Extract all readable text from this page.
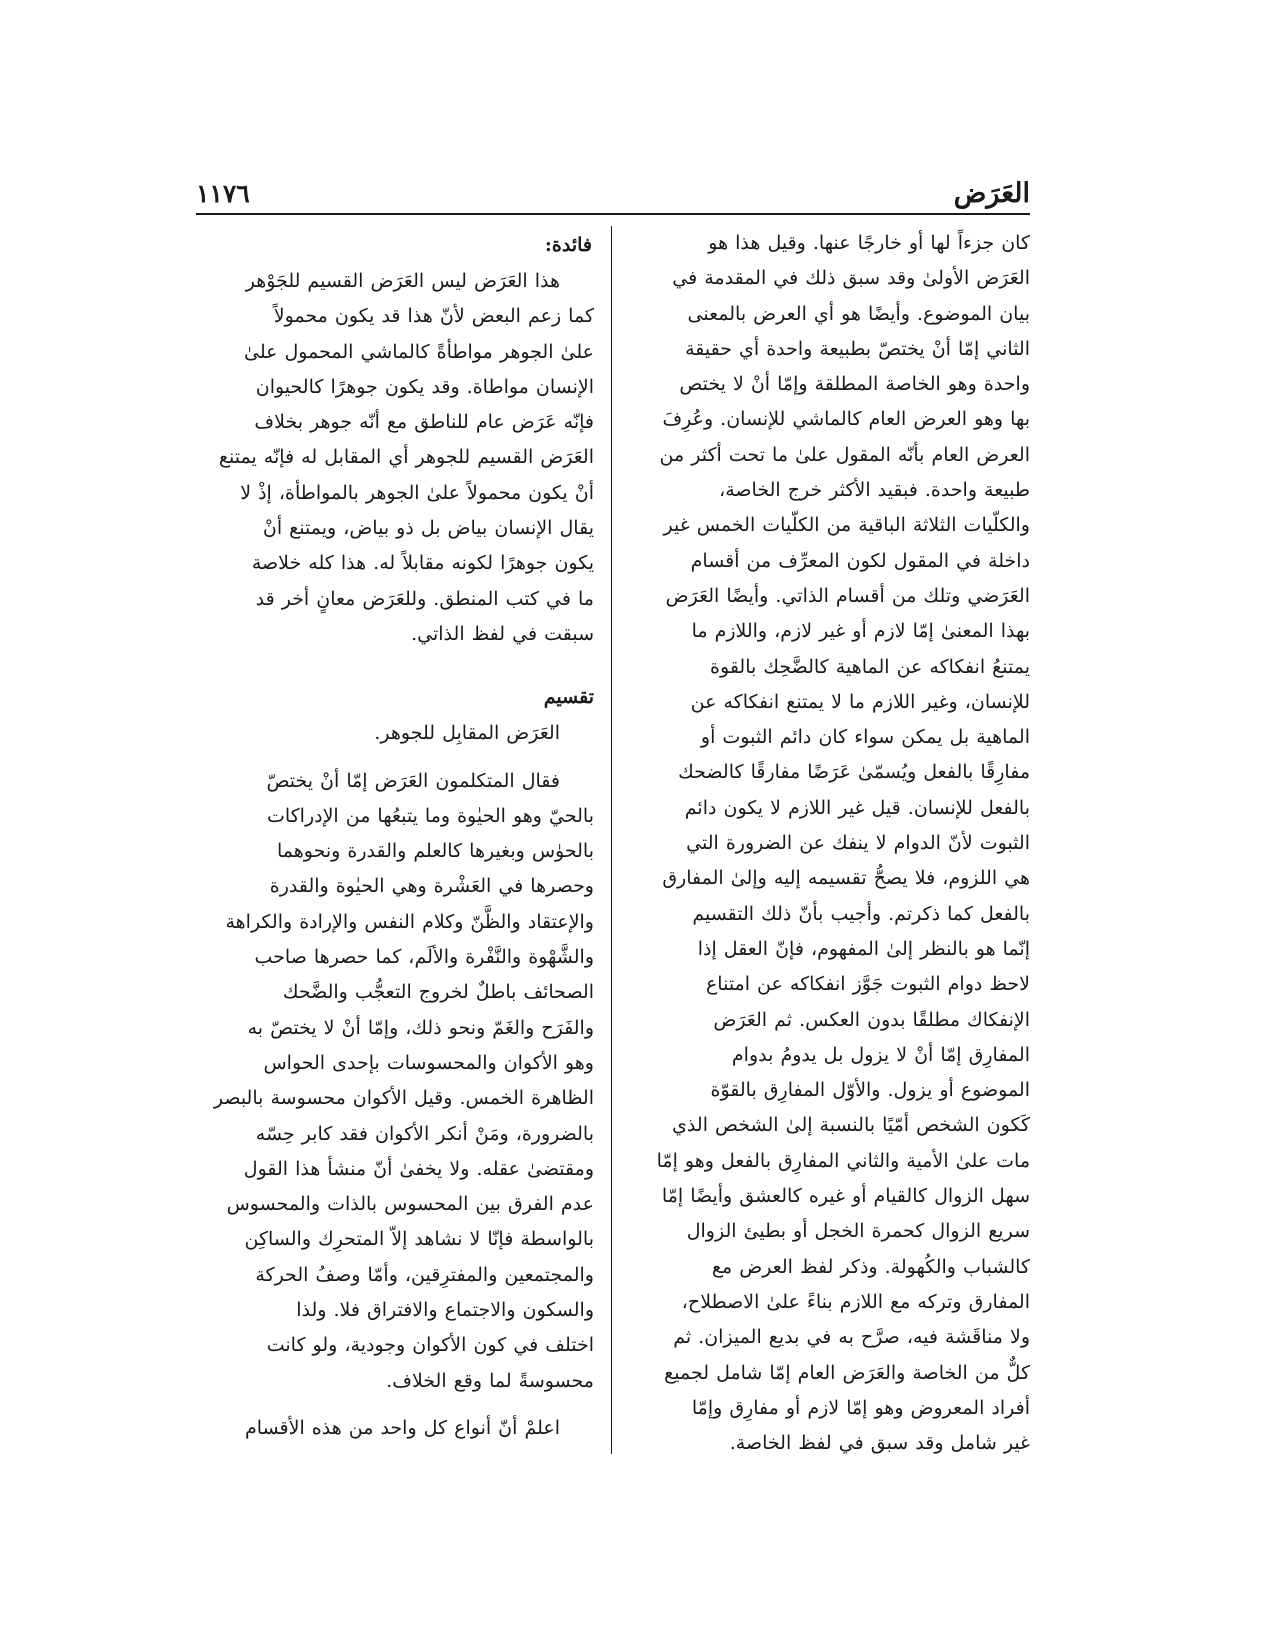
العَرَض
١١٧٦

كان جزءاً لها أو خارجًا عنها. وقيل هذا هو
العَرَض الأولىٰ وقد سبق ذلك في المقدمة في
بيان الموضوع. وأيضًا هو أي العرض بالمعنى
الثاني إمّا أنْ يختصّ بطبيعة واحدة أي حقيقة
واحدة وهو الخاصة المطلقة وإمّا أنْ لا يختص
بها وهو العرض العام كالماشي للإنسان. وعُرِفَ
العرض العام بأنّه المقول علىٰ ما تحت أكثر من
طبيعة واحدة. فبقيد الأكثر خرج الخاصة،
والكلّيات الثلاثة الباقية من الكلّيات الخمس غير
داخلة في المقول لكون المعرِّف من أقسام
العَرَضي وتلك من أقسام الذاتي. وأيضًا العَرَض
بهذا المعنىٰ إمّا لازم أو غير لازم، واللازم ما
يمتنعُ انفكاكه عن الماهية كالضَّحِك بالقوة
للإنسان، وغير اللازم ما لا يمتنع انفكاكه عن
الماهية بل يمكن سواء كان دائم الثبوت أو
مفارِقًا بالفعل ويُسمّىٰ عَرَضًا مفارقًا كالضحك
بالفعل للإنسان. قيل غير اللازم لا يكون دائم
الثبوت لأنّ الدوام لا ينفك عن الضرورة التي
هي اللزوم، فلا يصحُّ تقسيمه إليه وإلىٰ المفارق
بالفعل كما ذكرتم. وأجيب بأنّ ذلك التقسيم
إنّما هو بالنظر إلىٰ المفهوم، فإنّ العقل إذا
لاحظ دوام الثبوت جَوَّز انفكاكه عن امتناع
الإنفكاك مطلقًا بدون العكس. ثم العَرَض
المفارِق إمّا أنْ لا يزول بل يدومُ بدوام
الموضوع أو يزول. والأوّل المفارِق بالقوّة
كَكون الشخص أمّيًا بالنسبة إلىٰ الشخص الذي
مات علىٰ الأمية والثاني المفارِق بالفعل وهو إمّا
سهل الزوال كالقيام أو غيره كالعشق وأيضًا إمّا
سريع الزوال كحمرة الخجل أو بطيئ الزوال
كالشباب والكُهولة. وذكر لفظ العرض مع
المفارق وتركه مع اللازم بناءً علىٰ الاصطلاح،
ولا مناقَشة فيه، صرَّح به في بديع الميزان. ثم
كلٌّ من الخاصة والعَرَض العام إمّا شامل لجميع
أفراد المعروض وهو إمّا لازم أو مفارِق وإمّا
غير شامل وقد سبق في لفظ الخاصة.

فائدة:

هذا العَرَض ليس العَرَض القسيم للجَوْهر
كما زعم البعض لأنّ هذا قد يكون محمولاً
علىٰ الجوهر مواطأةً كالماشي المحمول علىٰ
الإنسان مواطاة. وقد يكون جوهرًا كالحيوان
فإنّه عَرَض عام للناطق مع أنّه جوهر بخلاف
العَرَض القسيم للجوهر أي المقابل له فإنّه يمتنع
أنْ يكون محمولاً علىٰ الجوهر بالمواطأة، إذْ لا
يقال الإنسان بياض بل ذو بياض، ويمتنع أنْ
يكون جوهرًا لكونه مقابلاً له. هذا كله خلاصة
ما في كتب المنطق. وللعَرَض معانٍ أخر قد
سبقت في لفظ الذاتي.

تقسيم

العَرَض المقابِل للجوهر.

فقال المتكلمون العَرَض إمّا أنْ يختصّ
بالحيّ وهو الحيٰوة وما يتبعُها من الإدراكات
بالحوٰس وبغيرها كالعلم والقدرة ونحوهما
وحصرها في العَشْرة وهي الحيٰوة والقدرة
والإعتقاد والظَّنّ وكلام النفس والإرادة والكراهة
والشَّهْوة والنَّفْرة والألَم، كما حصرها صاحب
الصحائف باطلٌ لخروج التعجُّب والضَّحك
والفَرَح والغَمّ ونحو ذلك، وإمّا أنْ لا يختصّ به
وهو الأكوان والمحسوسات بإحدى الحواس
الظاهرة الخمس. وقيل الأكوان محسوسة بالبصر
بالضرورة، ومَنْ أنكر الأكوان فقد كابر حِسّه
ومقتضىٰ عقله. ولا يخفىٰ أنّ منشأ هذا القول
عدم الفرق بين المحسوس بالذات والمحسوس
بالواسطة فإنّا لا نشاهد إلاّ المتحرِك والساكِن
والمجتمعين والمفترِقين، وأمّا وصفُ الحركة
والسكون والاجتماع والافتراق فلا. ولذا
اختلف في كون الأكوان وجودية، ولو كانت
محسوسةً لما وقع الخلاف.

اعلمْ أنّ أنواع كل واحد من هذه الأقسام
